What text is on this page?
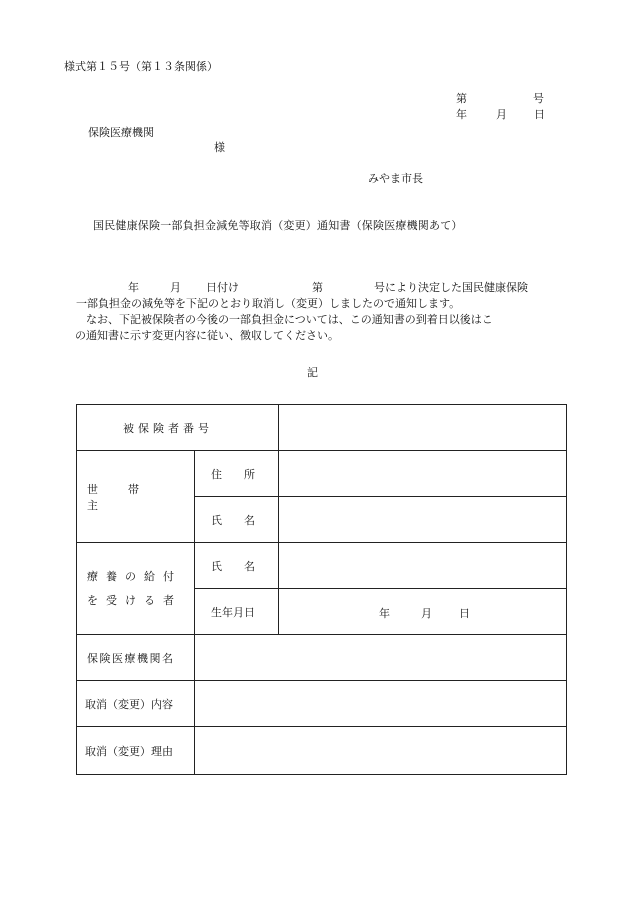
様式第１５号（第１３条関係）
第	号
年	月 日
保険医療機関
様
みやま市長
国民健康保険一部負担金減免等取消（変更）通知書（保険医療機関あて）

年	月 日付け	第	号により決定した国民健康保険

一部負担金の減免等を下記のとおり取消し（変更）しましたので通知します。

なお、下記被保険者の今後の一部負担金については、この通知書の到着日以後はこ

の通知書に示す変更内容に従い、徴収してください。

記
被保険者番号		

世帯主	住所	

	氏名	

療養の給付
を受ける者	氏名	

	生年月日	年 月 日

保険医療機関名		

取消（変更）内容		

取消（変更）理由		
